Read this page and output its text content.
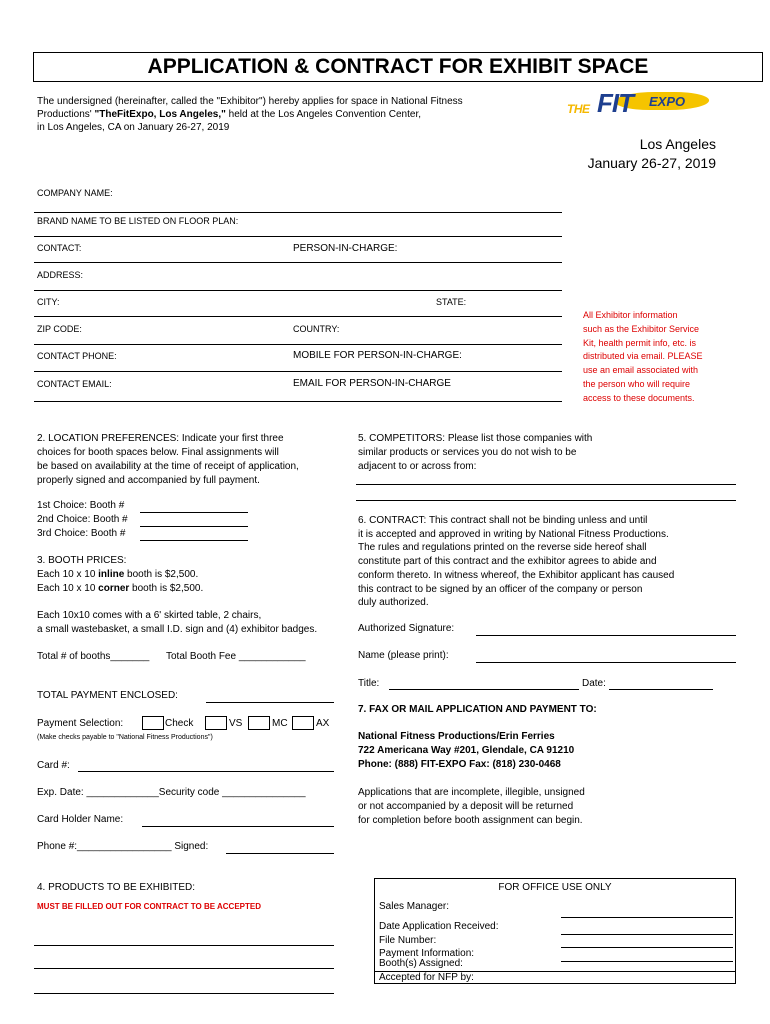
APPLICATION & CONTRACT FOR EXHIBIT SPACE
The undersigned (hereinafter, called the "Exhibitor") hereby applies for space in National Fitness
Productions' "TheFitExpo, Los Angeles," held at the Los Angeles Convention Center,
in Los Angeles, CA on January 26-27, 2019
THE FIT EXPO
Los Angeles
January 26-27, 2019
COMPANY NAME:
BRAND NAME TO BE LISTED ON FLOOR PLAN:
CONTACT:	PERSON-IN-CHARGE:
ADDRESS:
CITY:	STATE:
ZIP CODE:	COUNTRY:
CONTACT PHONE:	MOBILE FOR PERSON-IN-CHARGE:
CONTACT EMAIL:	EMAIL FOR PERSON-IN-CHARGE
All Exhibitor information
such as the Exhibitor Service
Kit, health permit info, etc. is
distributed via email. PLEASE
use an email associated with
the person who will require
access to these documents.
2. LOCATION PREFERENCES: Indicate your first three
choices for booth spaces below. Final assignments will
be based on availability at the time of receipt of application,
properly signed and accompanied by full payment.
1st Choice: Booth #
2nd Choice: Booth #
3rd Choice: Booth #
3. BOOTH PRICES:
Each 10 x 10 inline booth is $2,500.
Each 10 x 10 corner booth is $2,500.
Each 10x10 comes with a 6' skirted table, 2 chairs,
a small wastebasket, a small I.D. sign and (4) exhibitor badges.
Total # of booths_______ Total Booth Fee ____________
TOTAL PAYMENT ENCLOSED:
Payment Selection:	Check	VS	MC	AX
(Make checks payable to "National Fitness Productions")
Card #:
Exp. Date: _____________Security code _______________
Card Holder Name:
Phone #:_________________ Signed:
4. PRODUCTS TO BE EXHIBITED:
MUST BE FILLED OUT FOR CONTRACT TO BE ACCEPTED
5. COMPETITORS: Please list those companies with
similar products or services you do not wish to be
adjacent to or across from:
6. CONTRACT: This contract shall not be binding unless and until
it is accepted and approved in writing by National Fitness Productions.
The rules and regulations printed on the reverse side hereof shall
constitute part of this contract and the exhibitor agrees to abide and
conform thereto. In witness whereof, the Exhibitor applicant has caused
this contract to be signed by an officer of the company or person
duly authorized.
Authorized Signature:
Name (please print):
Title:	Date:
7. FAX OR MAIL APPLICATION AND PAYMENT TO:
National Fitness Productions/Erin Ferries
722 Americana Way #201, Glendale, CA 91210
Phone: (888) FIT-EXPO Fax: (818) 230-0468
Applications that are incomplete, illegible, unsigned
or not accompanied by a deposit will be returned
for completion before booth assignment can begin.
FOR OFFICE USE ONLY
Sales Manager:
Date Application Received:
File Number:
Payment Information:
Booth(s) Assigned:
Accepted for NFP by:
